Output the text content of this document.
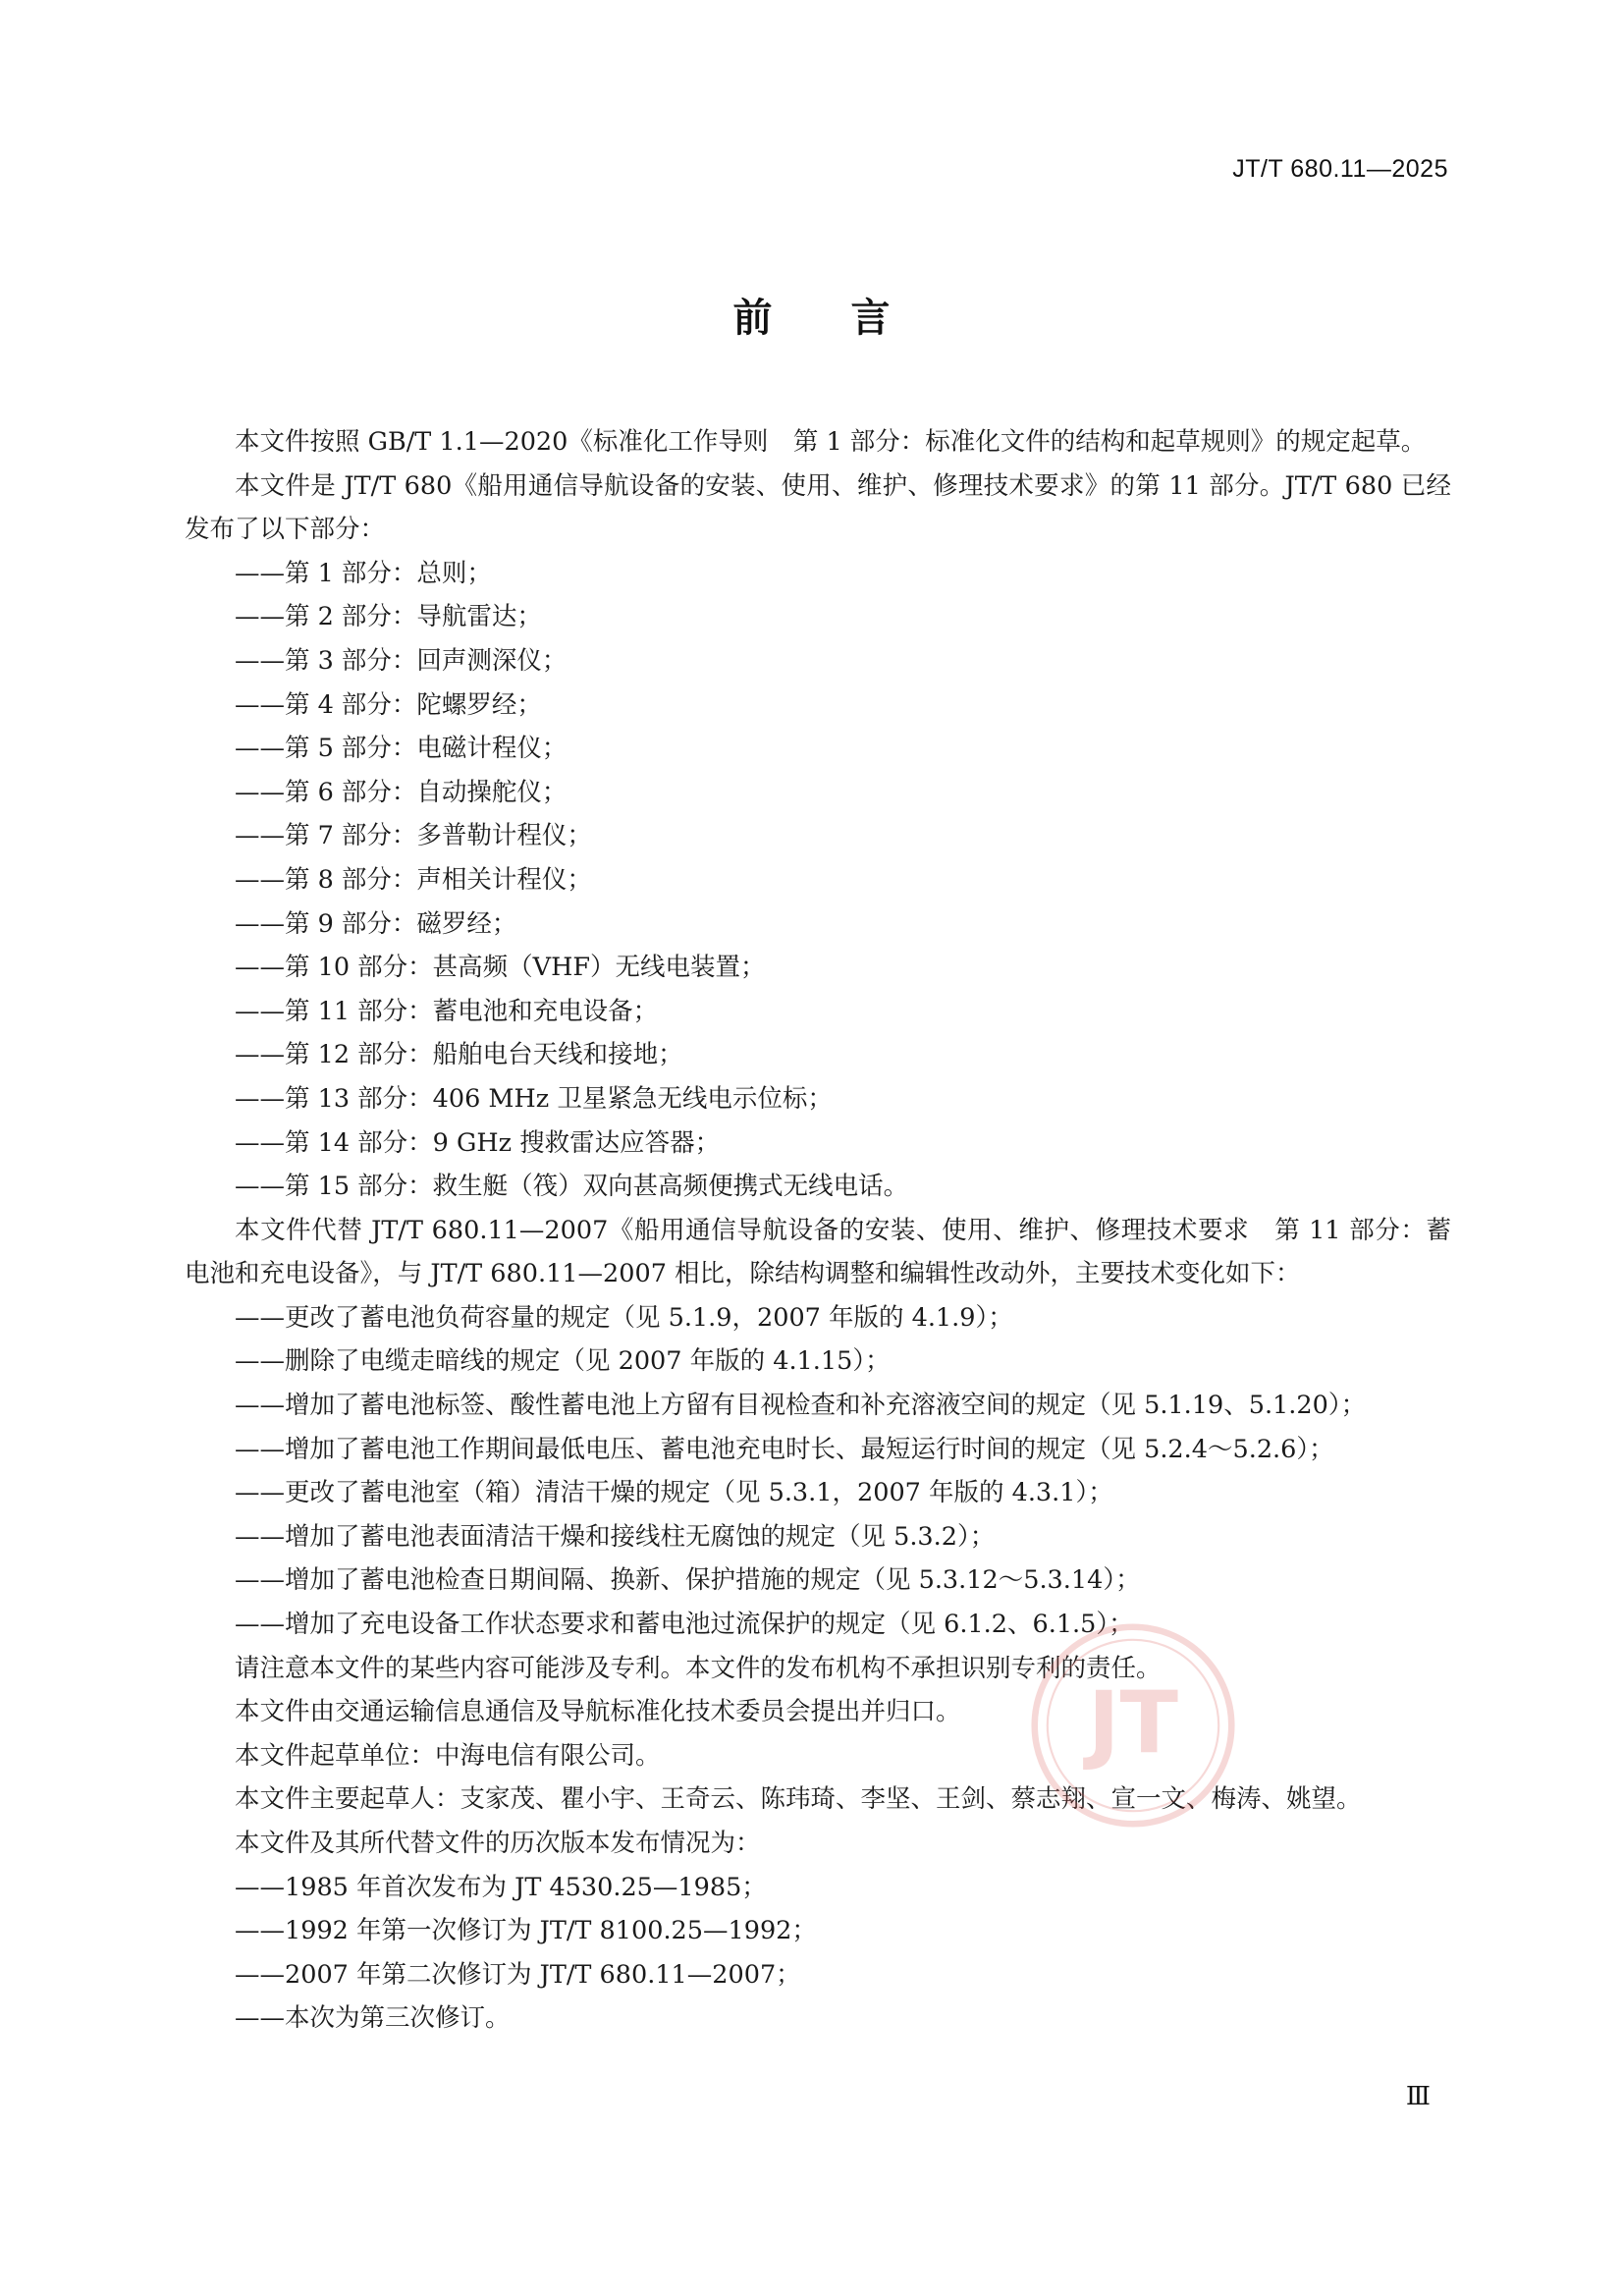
JT/T 680.11—2025
前言
本文件按照 GB/T 1.1—2020《标准化工作导则　第 1 部分：标准化文件的结构和起草规则》的规定起草。
本文件是 JT/T 680《船用通信导航设备的安装、使用、维护、修理技术要求》的第 11 部分。JT/T 680 已经发布了以下部分：
——第 1 部分：总则；
——第 2 部分：导航雷达；
——第 3 部分：回声测深仪；
——第 4 部分：陀螺罗经；
——第 5 部分：电磁计程仪；
——第 6 部分：自动操舵仪；
——第 7 部分：多普勒计程仪；
——第 8 部分：声相关计程仪；
——第 9 部分：磁罗经；
——第 10 部分：甚高频（VHF）无线电装置；
——第 11 部分：蓄电池和充电设备；
——第 12 部分：船舶电台天线和接地；
——第 13 部分：406 MHz 卫星紧急无线电示位标；
——第 14 部分：9 GHz 搜救雷达应答器；
——第 15 部分：救生艇（筏）双向甚高频便携式无线电话。
本文件代替 JT/T 680.11—2007《船用通信导航设备的安装、使用、维护、修理技术要求　第 11 部分：蓄电池和充电设备》，与 JT/T 680.11—2007 相比，除结构调整和编辑性改动外，主要技术变化如下：
——更改了蓄电池负荷容量的规定（见 5.1.9，2007 年版的 4.1.9）；
——删除了电缆走暗线的规定（见 2007 年版的 4.1.15）；
——增加了蓄电池标签、酸性蓄电池上方留有目视检查和补充溶液空间的规定（见 5.1.19、5.1.20）；
——增加了蓄电池工作期间最低电压、蓄电池充电时长、最短运行时间的规定（见 5.2.4～5.2.6）；
——更改了蓄电池室（箱）清洁干燥的规定（见 5.3.1，2007 年版的 4.3.1）；
——增加了蓄电池表面清洁干燥和接线柱无腐蚀的规定（见 5.3.2）；
——增加了蓄电池检查日期间隔、换新、保护措施的规定（见 5.3.12～5.3.14）；
——增加了充电设备工作状态要求和蓄电池过流保护的规定（见 6.1.2、6.1.5）；
请注意本文件的某些内容可能涉及专利。本文件的发布机构不承担识别专利的责任。
本文件由交通运输信息通信及导航标准化技术委员会提出并归口。
本文件起草单位：中海电信有限公司。
本文件主要起草人：支家茂、瞿小宇、王奇云、陈玮琦、李坚、王剑、蔡志翔、宣一文、梅涛、姚望。
本文件及其所代替文件的历次版本发布情况为：
——1985 年首次发布为 JT 4530.25—1985；
——1992 年第一次修订为 JT/T 8100.25—1992；
——2007 年第二次修订为 JT/T 680.11—2007；
——本次为第三次修订。
JT
Ⅲ
